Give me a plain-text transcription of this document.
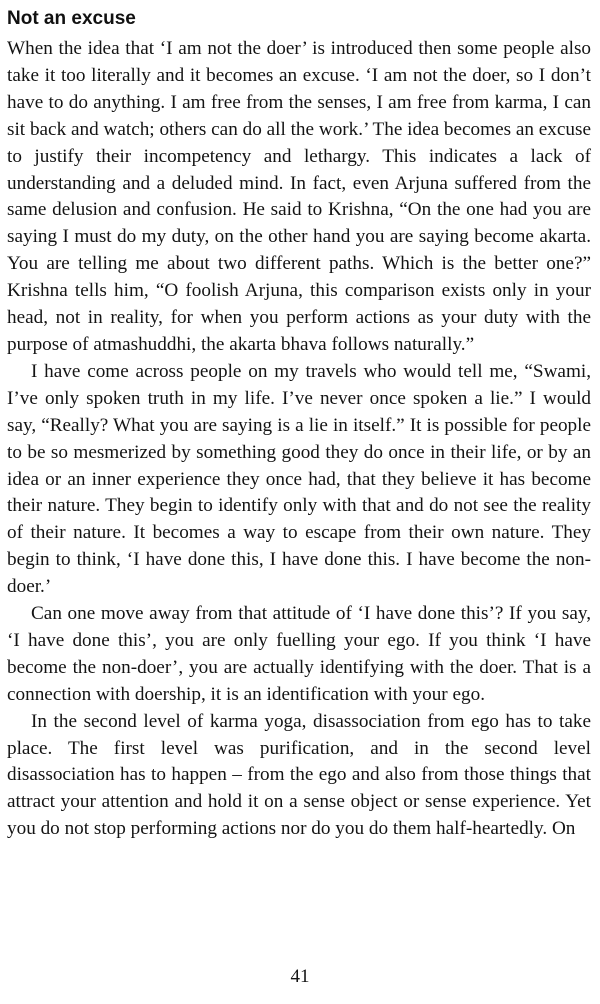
Not an excuse

When the idea that ‘I am not the doer’ is introduced then some people also take it too literally and it becomes an excuse. ‘I am not the doer, so I don’t have to do anything. I am free from the senses, I am free from karma, I can sit back and watch; others can do all the work.’ The idea becomes an excuse to justify their incompetency and lethargy. This indicates a lack of understanding and a deluded mind. In fact, even Arjuna suffered from the same delusion and confusion. He said to Krishna, “On the one had you are saying I must do my duty, on the other hand you are saying become akarta. You are telling me about two different paths. Which is the better one?” Krishna tells him, “O foolish Arjuna, this comparison exists only in your head, not in reality, for when you perform actions as your duty with the purpose of atmashuddhi, the akarta bhava follows naturally.”

I have come across people on my travels who would tell me, “Swami, I’ve only spoken truth in my life. I’ve never once spoken a lie.” I would say, “Really? What you are saying is a lie in itself.” It is possible for people to be so mesmerized by something good they do once in their life, or by an idea or an inner experience they once had, that they believe it has become their nature. They begin to identify only with that and do not see the reality of their nature. It becomes a way to escape from their own nature. They begin to think, ‘I have done this, I have done this. I have become the non-doer.’

Can one move away from that attitude of ‘I have done this’? If you say, ‘I have done this’, you are only fuelling your ego. If you think ‘I have become the non-doer’, you are actually identifying with the doer. That is a connection with doership, it is an identification with your ego.

In the second level of karma yoga, disassociation from ego has to take place. The first level was purification, and in the second level disassociation has to happen – from the ego and also from those things that attract your attention and hold it on a sense object or sense experience. Yet you do not stop performing actions nor do you do them half-heartedly. On

41
